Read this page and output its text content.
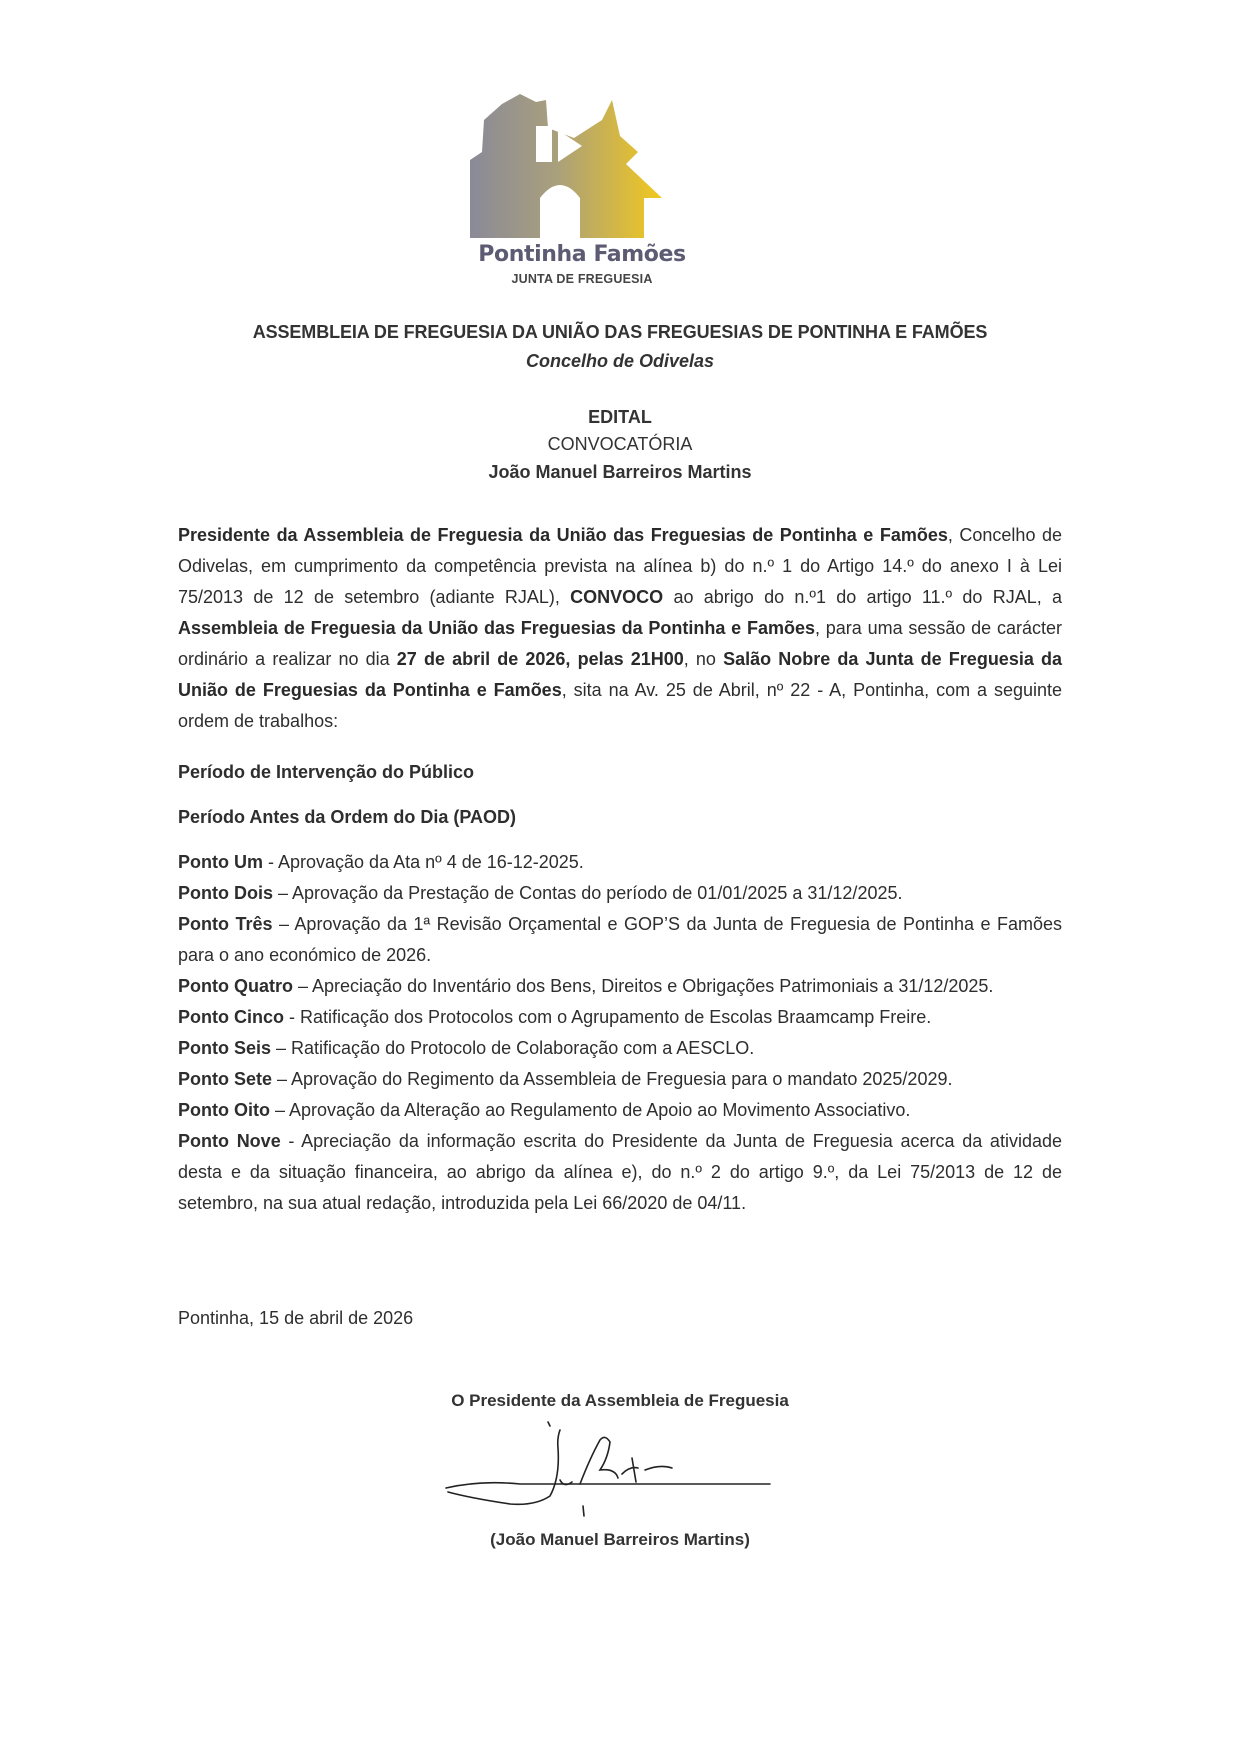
Pontinha Famões
JUNTA DE FREGUESIA
ASSEMBLEIA DE FREGUESIA DA UNIÃO DAS FREGUESIAS DE PONTINHA E FAMÕES
Concelho de Odivelas
EDITAL
CONVOCATÓRIA
João Manuel Barreiros Martins
Presidente da Assembleia de Freguesia da União das Freguesias de Pontinha e Famões, Concelho de Odivelas, em cumprimento da competência prevista na alínea b) do n.º 1 do Artigo 14.º do anexo I à Lei 75/2013 de 12 de setembro (adiante RJAL), CONVOCO ao abrigo do n.º1 do artigo 11.º do RJAL, a Assembleia de Freguesia da União das Freguesias da Pontinha e Famões, para uma sessão de carácter ordinário a realizar no dia 27 de abril de 2026, pelas 21H00, no Salão Nobre da Junta de Freguesia da União de Freguesias da Pontinha e Famões, sita na Av. 25 de Abril, nº 22 - A, Pontinha, com a seguinte ordem de trabalhos:
Período de Intervenção do Público
Período Antes da Ordem do Dia (PAOD)
Ponto Um - Aprovação da Ata nº 4 de 16-12-2025.
Ponto Dois – Aprovação da Prestação de Contas do período de 01/01/2025 a 31/12/2025.
Ponto Três – Aprovação da 1ª Revisão Orçamental e GOP’S da Junta de Freguesia de Pontinha e Famões para o ano económico de 2026.
Ponto Quatro – Apreciação do Inventário dos Bens, Direitos e Obrigações Patrimoniais a 31/12/2025.
Ponto Cinco - Ratificação dos Protocolos com o Agrupamento de Escolas Braamcamp Freire.
Ponto Seis – Ratificação do Protocolo de Colaboração com a AESCLO.
Ponto Sete – Aprovação do Regimento da Assembleia de Freguesia para o mandato 2025/2029.
Ponto Oito – Aprovação da Alteração ao Regulamento de Apoio ao Movimento Associativo.
Ponto Nove - Apreciação da informação escrita do Presidente da Junta de Freguesia acerca da atividade desta e da situação financeira, ao abrigo da alínea e), do n.º 2 do artigo 9.º, da Lei 75/2013 de 12 de setembro, na sua atual redação, introduzida pela Lei 66/2020 de 04/11.
Pontinha, 15 de abril de 2026
O Presidente da Assembleia de Freguesia
(João Manuel Barreiros Martins)
